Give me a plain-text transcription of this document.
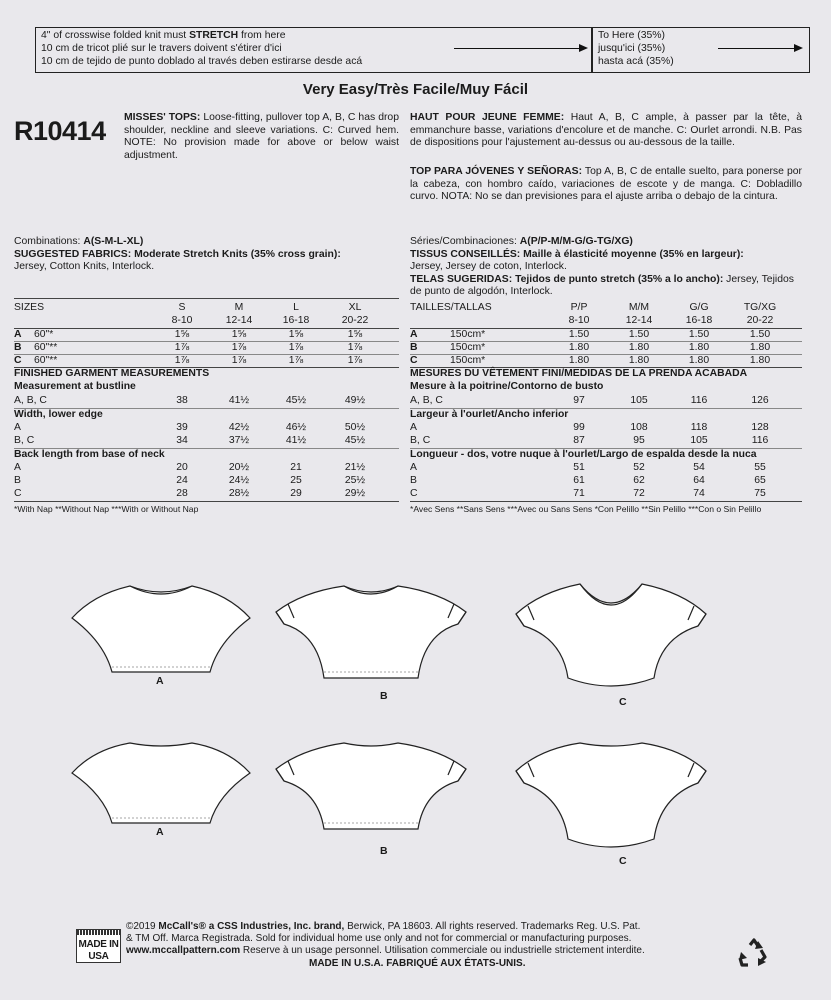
4" of crosswise folded knit must STRETCH from here
10 cm de tricot plié sur le travers doivent s'étirer d'ici
10 cm de tejido de punto doblado al través deben estirarse desde acá
To Here (35%)
jusqu'ici (35%)
hasta acá (35%)
Very Easy/Très Facile/Muy Fácil
R10414 MISSES' TOPS: Loose-fitting, pullover top A, B, C has drop shoulder, neckline and sleeve variations. C: Curved hem. NOTE: No provision made for above or below waist adjustment.

HAUT POUR JEUNE FEMME: Haut A, B, C ample, à passer par la tête, à emmanchure basse, variations d'encolure et de manche. C: Ourlet arrondi. N.B. Pas de dispositions pour l'ajustement au-dessus ou au-dessous de la taille.

TOP PARA JÓVENES Y SEÑORAS: Top A, B, C de entalle suelto, para ponerse por la cabeza, con hombro caído, variaciones de escote y de manga. C: Dobladillo curvo. NOTA: No se dan previsiones para el ajuste arriba o debajo de la cintura.

Combinations: A(S-M-L-XL)
SUGGESTED FABRICS: Moderate Stretch Knits (35% cross grain):
Jersey, Cotton Knits, Interlock.
Séries/Combinaciones: A(P/P-M/M-G/G-TG/XG)
TISSUS CONSEILLÉS: Maille à élasticité moyenne (35% en largeur):
Jersey, Jersey de coton, Interlock.
TELAS SUGERIDAS: Tejidos de punto stretch (35% a lo ancho): Jersey, Tejidos de punto de algodón, Interlock.
SIZES	S	M	L	XL
8-10	12-14	16-18	20-22
A 60"*	1⅝	1⅝	1⅝	1⅝
B 60"**	1⅞	1⅞	1⅞	1⅞
C 60"**	1⅞	1⅞	1⅞	1⅞
FINISHED GARMENT MEASUREMENTS
Measurement at bustline
A, B, C	38	41½	45½	49½
Width, lower edge
A	39	42½	46½	50½
B, C	34	37½	41½	45½
Back length from base of neck
A	20	20½	21	21½
B	24	24½	25	25½
C	28	28½	29	29½
*With Nap **Without Nap ***With or Without Nap
TAILLES/TALLAS	P/P	M/M	G/G	TG/XG
8-10	12-14	16-18	20-22
A	150cm*	1.50	1.50	1.50	1.50
B	150cm*	1.80	1.80	1.80	1.80
C	150cm*	1.80	1.80	1.80	1.80
MESURES DU VÊTEMENT FINI/MEDIDAS DE LA PRENDA ACABADA
Mesure à la poitrine/Contorno de busto
A, B, C	97	105	116	126
Largeur à l'ourlet/Ancho inferior
A	99	108	118	128
B, C	87	95	105	116
Longueur - dos, votre nuque à l'ourlet/Largo de espalda desde la nuca
A	51	52	54	55
B	61	62	64	65
C	71	72	74	75
*Avec Sens **Sans Sens ***Avec ou Sans Sens *Con Pelillo **Sin Pelillo ***Con o Sin Pelillo
A
B	C
A
B
C
MADE IN USA
©2019 McCall's® a CSS Industries, Inc. brand, Berwick, PA 18603. All rights reserved. Trademarks Reg. U.S. Pat.
& TM Off. Marca Registrada. Sold for individual home use only and not for commercial or manufacturing purposes.
www.mccallpattern.com Reserve à un usage personnel. Utilisation commerciale ou industrielle strictement interdite.
MADE IN U.S.A. FABRIQUÉ AUX ÉTATS-UNIS.
